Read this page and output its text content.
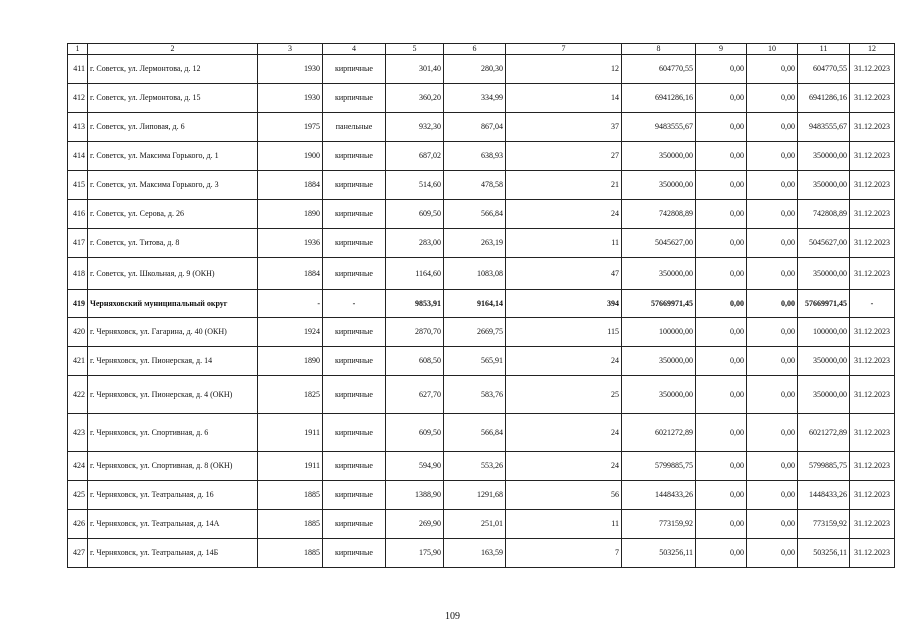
1	2	3	4	5	6	7	8	9	10	11	12
411	г. Советск, ул. Лермонтова, д. 12	1930	кирпичные	301,40	280,30	12	604770,55	0,00	0,00	604770,55	31.12.2023
412	г. Советск, ул. Лермонтова, д. 15	1930	кирпичные	360,20	334,99	14	6941286,16	0,00	0,00	6941286,16	31.12.2023
413	г. Советск, ул. Липовая, д. 6	1975	панельные	932,30	867,04	37	9483555,67	0,00	0,00	9483555,67	31.12.2023
414	г. Советск, ул. Максима Горького, д. 1	1900	кирпичные	687,02	638,93	27	350000,00	0,00	0,00	350000,00	31.12.2023
415	г. Советск, ул. Максима Горького, д. 3	1884	кирпичные	514,60	478,58	21	350000,00	0,00	0,00	350000,00	31.12.2023
416	г. Советск, ул. Серова, д. 26	1890	кирпичные	609,50	566,84	24	742808,89	0,00	0,00	742808,89	31.12.2023
417	г. Советск, ул. Титова, д. 8	1936	кирпичные	283,00	263,19	11	5045627,00	0,00	0,00	5045627,00	31.12.2023
418	г. Советск, ул. Школьная, д. 9 (ОКН)	1884	кирпичные	1164,60	1083,08	47	350000,00	0,00	0,00	350000,00	31.12.2023
419	Черняховский муниципальный округ	-	-	9853,91	9164,14	394	57669971,45	0,00	0,00	57669971,45	-
420	г. Черняховск, ул. Гагарина, д. 40 (ОКН)	1924	кирпичные	2870,70	2669,75	115	100000,00	0,00	0,00	100000,00	31.12.2023
421	г. Черняховск, ул. Пионерская, д. 14	1890	кирпичные	608,50	565,91	24	350000,00	0,00	0,00	350000,00	31.12.2023
422	г. Черняховск, ул. Пионерская, д. 4 (ОКН)	1825	кирпичные	627,70	583,76	25	350000,00	0,00	0,00	350000,00	31.12.2023
423	г. Черняховск, ул. Спортивная, д. 6	1911	кирпичные	609,50	566,84	24	6021272,89	0,00	0,00	6021272,89	31.12.2023
424	г. Черняховск, ул. Спортивная, д. 8 (ОКН)	1911	кирпичные	594,90	553,26	24	5799885,75	0,00	0,00	5799885,75	31.12.2023
425	г. Черняховск, ул. Театральная, д. 16	1885	кирпичные	1388,90	1291,68	56	1448433,26	0,00	0,00	1448433,26	31.12.2023
426	г. Черняховск, ул. Театральная, д. 14А	1885	кирпичные	269,90	251,01	11	773159,92	0,00	0,00	773159,92	31.12.2023
427	г. Черняховск, ул. Театральная, д. 14Б	1885	кирпичные	175,90	163,59	7	503256,11	0,00	0,00	503256,11	31.12.2023
109
